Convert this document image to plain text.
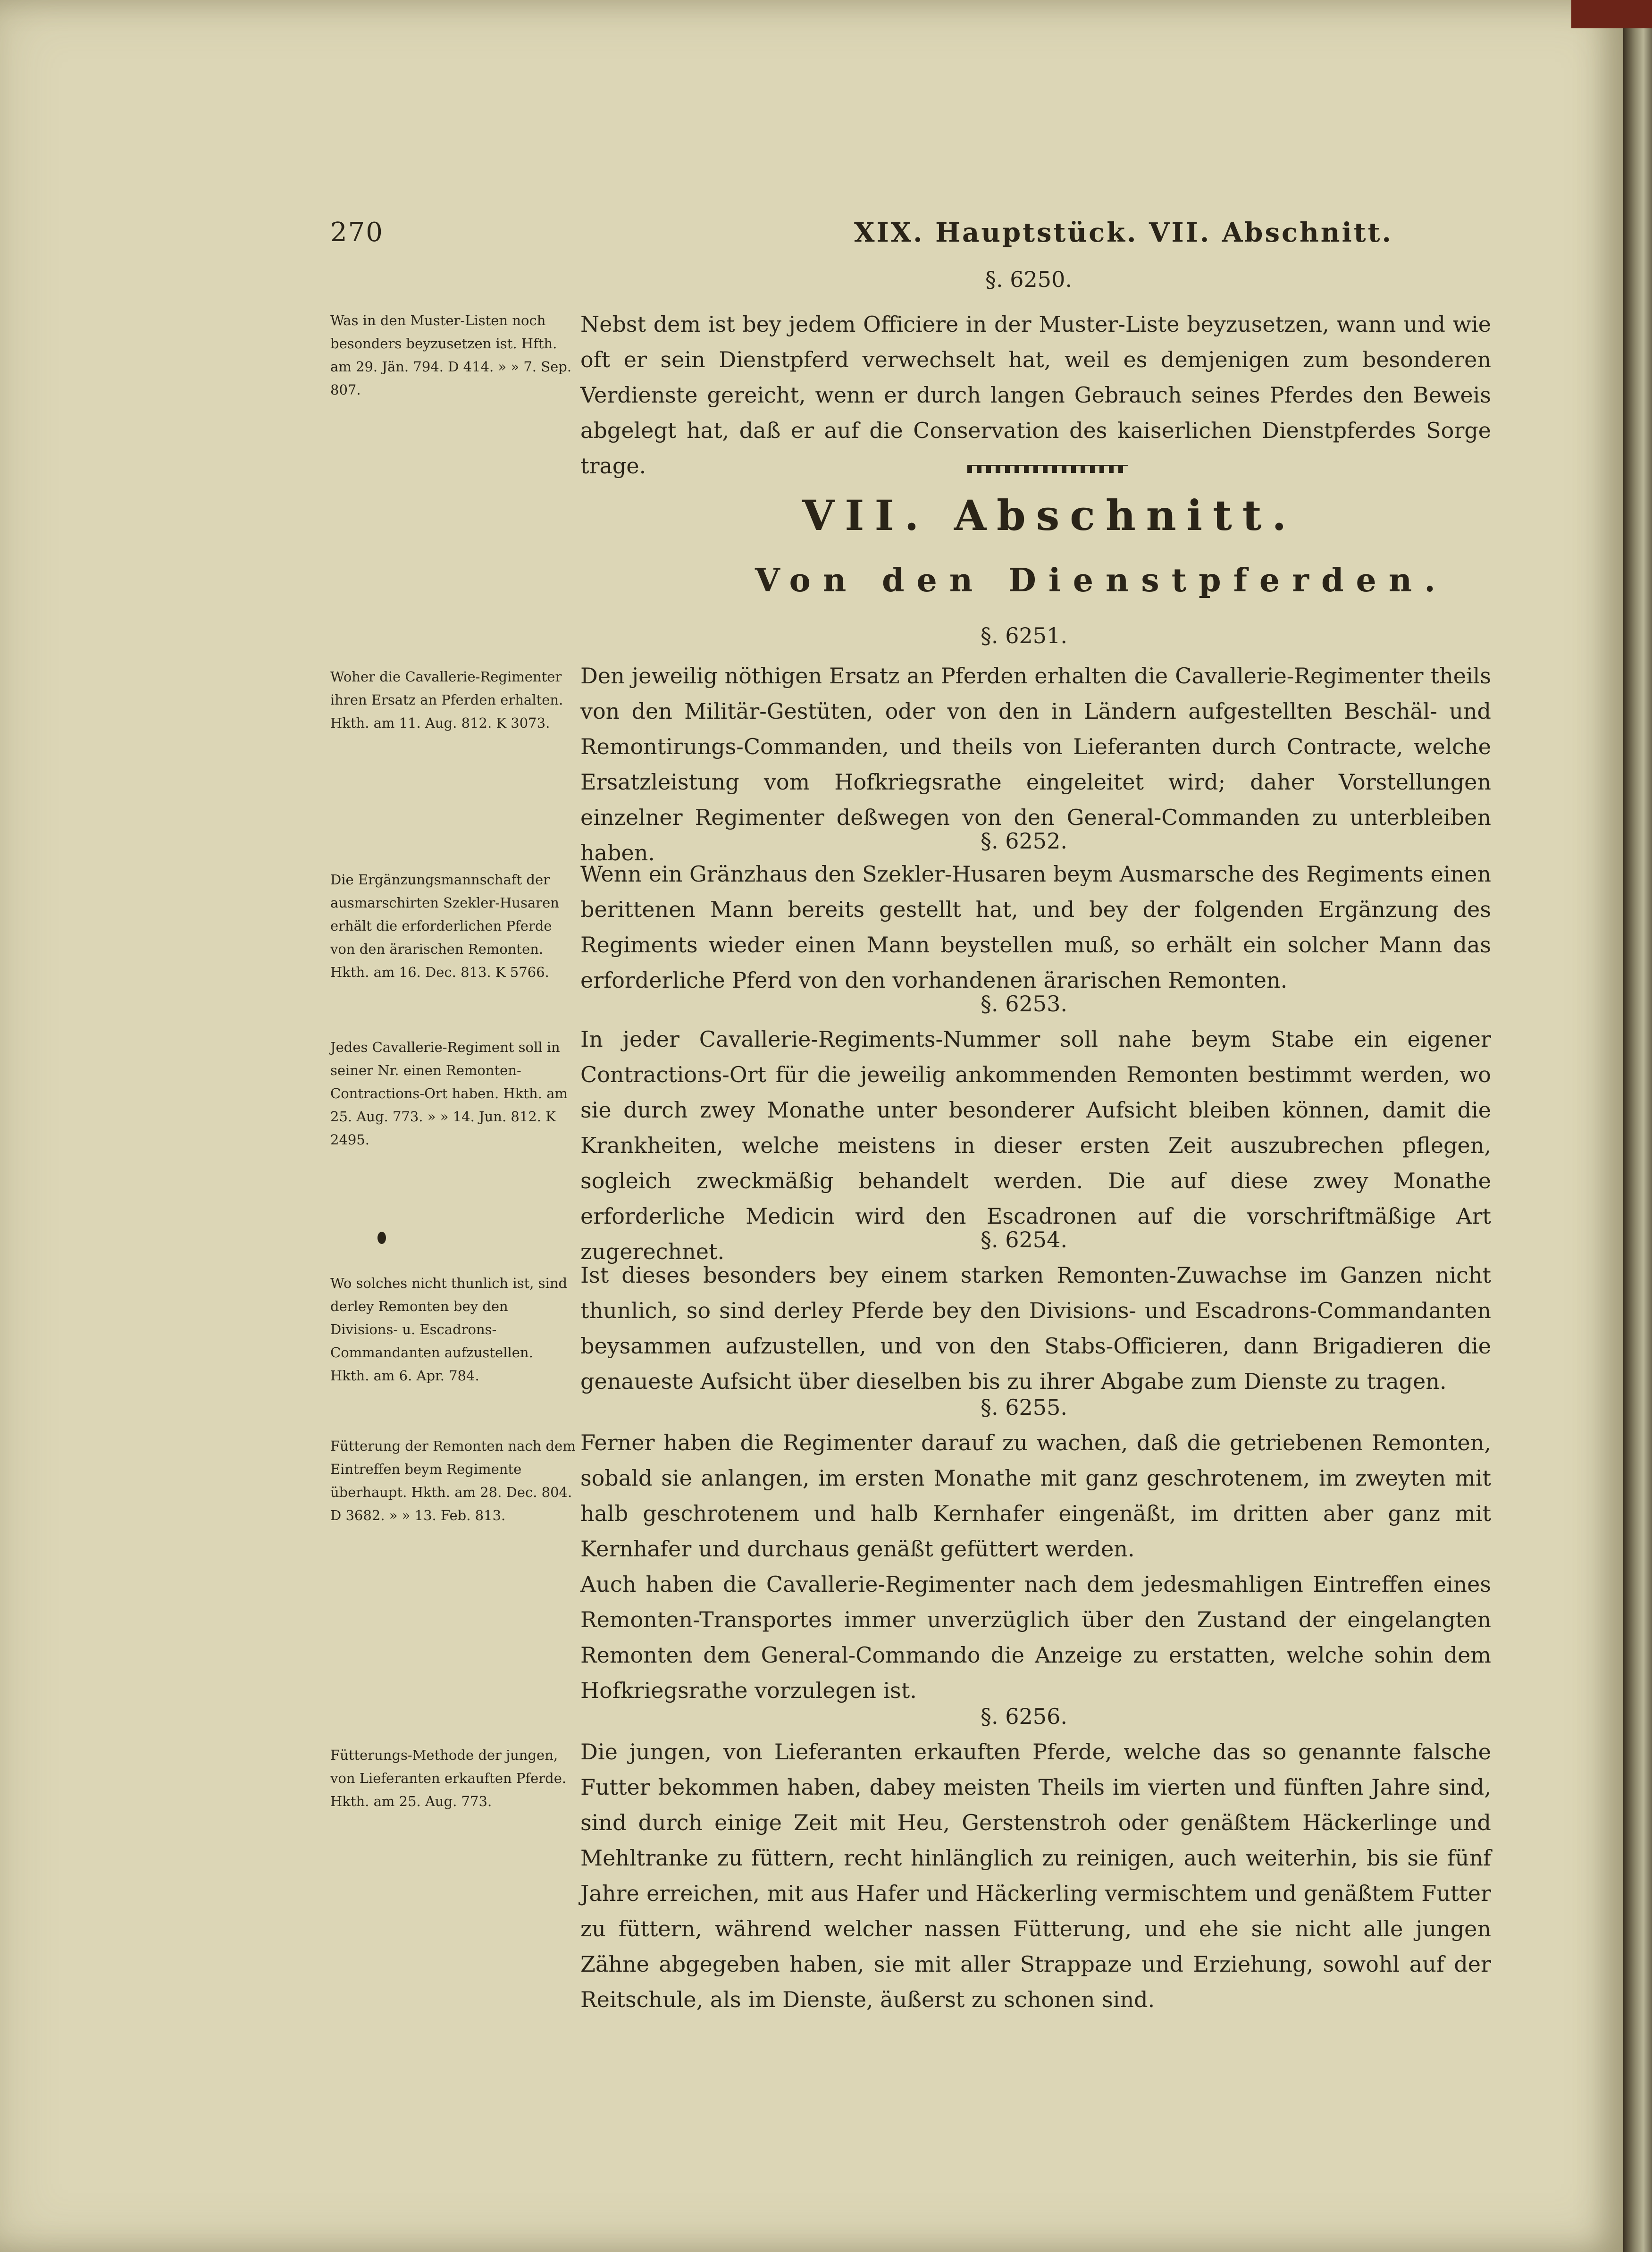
270	XIX. Hauptstück. VII. Abschnitt.
§. 6250.
Was in den Muster-Listen noch besonders beyzusetzen ist. Hfth. am 29. Jän. 794. D 414. » » 7. Sep. 807.
Nebst dem ist bey jedem Officiere in der Muster-Liste beyzusetzen, wann und wie oft er sein Dienstpferd verwechselt hat, weil es demjenigen zum besonderen Verdienste gereicht, wenn er durch langen Gebrauch seines Pferdes den Beweis abgelegt hat, daß er auf die Conservation des kaiserlichen Dienstpferdes Sorge trage.
VII. Abschnitt.
Von den Dienstpferden.
§. 6251.
Woher die Cavallerie-Regimenter ihren Ersatz an Pferden erhalten. Hkth. am 11. Aug. 812. K 3073.
Den jeweilig nöthigen Ersatz an Pferden erhalten die Cavallerie-Regimenter theils von den Militär-Gestüten, oder von den in Ländern aufgestellten Beschäl- und Remontirungs-Commanden, und theils von Lieferanten durch Contracte, welche Ersatzleistung vom Hofkriegsrathe eingeleitet wird; daher Vorstellungen einzelner Regimenter deßwegen von den General-Commanden zu unterbleiben haben.	§. 6252.
Die Ergänzungsmannschaft der ausmarschirten Szekler-Husaren erhält die erforderlichen Pferde von den ärarischen Remonten. Hkth. am 16. Dec. 813. K 5766.
Wenn ein Gränzhaus den Szekler-Husaren beym Ausmarsche des Regiments einen berittenen Mann bereits gestellt hat, und bey der folgenden Ergänzung des Regiments wieder einen Mann beystellen muß, so erhält ein solcher Mann das erforderliche Pferd von den vorhandenen ärarischen Remonten.
§. 6253.
Jedes Cavallerie-Regiment soll in seiner Nr. einen Remonten-Contractions-Ort haben. Hkth. am 25. Aug. 773. » » 14. Jun. 812. K 2495.
In jeder Cavallerie-Regiments-Nummer soll nahe beym Stabe ein eigener Contractions-Ort für die jeweilig ankommenden Remonten bestimmt werden, wo sie durch zwey Monathe unter besonderer Aufsicht bleiben können, damit die Krankheiten, welche meistens in dieser ersten Zeit auszubrechen pflegen, sogleich zweckmäßig behandelt werden. Die auf diese zwey Monathe erforderliche Medicin wird den Escadronen auf die vorschriftmäßige Art zugerechnet.	§. 6254.
Wo solches nicht thunlich ist, sind derley Remonten bey den Divisions- u. Escadrons-Commandanten aufzustellen. Hkth. am 6. Apr. 784.
Ist dieses besonders bey einem starken Remonten-Zuwachse im Ganzen nicht thunlich, so sind derley Pferde bey den Divisions- und Escadrons-Commandanten beysammen aufzustellen, und von den Stabs-Officieren, dann Brigadieren die genaueste Aufsicht über dieselben bis zu ihrer Abgabe zum Dienste zu tragen.
§. 6255.
Fütterung der Remonten nach dem Eintreffen beym Regimente überhaupt. Hkth. am 28. Dec. 804. D 3682. » » 13. Feb. 813.
Ferner haben die Regimenter darauf zu wachen, daß die getriebenen Remonten, sobald sie anlangen, im ersten Monathe mit ganz geschrotenem, im zweyten mit halb geschrotenem und halb Kernhafer eingenäßt, im dritten aber ganz mit Kernhafer und durchaus genäßt gefüttert werden.
Auch haben die Cavallerie-Regimenter nach dem jedesmahligen Eintreffen eines Remonten-Transportes immer unverzüglich über den Zustand der eingelangten Remonten dem General-Commando die Anzeige zu erstatten, welche sohin dem Hofkriegsrathe vorzulegen ist.
§. 6256.
Fütterungs-Methode der jungen, von Lieferanten erkauften Pferde. Hkth. am 25. Aug. 773.
Die jungen, von Lieferanten erkauften Pferde, welche das so genannte falsche Futter bekommen haben, dabey meisten Theils im vierten und fünften Jahre sind, sind durch einige Zeit mit Heu, Gerstenstroh oder genäßtem Häckerlinge und Mehltranke zu füttern, recht hinlänglich zu reinigen, auch weiterhin, bis sie fünf Jahre erreichen, mit aus Hafer und Häckerling vermischtem und genäßtem Futter zu füttern, während welcher nassen Fütterung, und ehe sie nicht alle jungen Zähne abgegeben haben, sie mit aller Strappaze und Erziehung, sowohl auf der Reitschule, als im Dienste, äußerst zu schonen sind.
